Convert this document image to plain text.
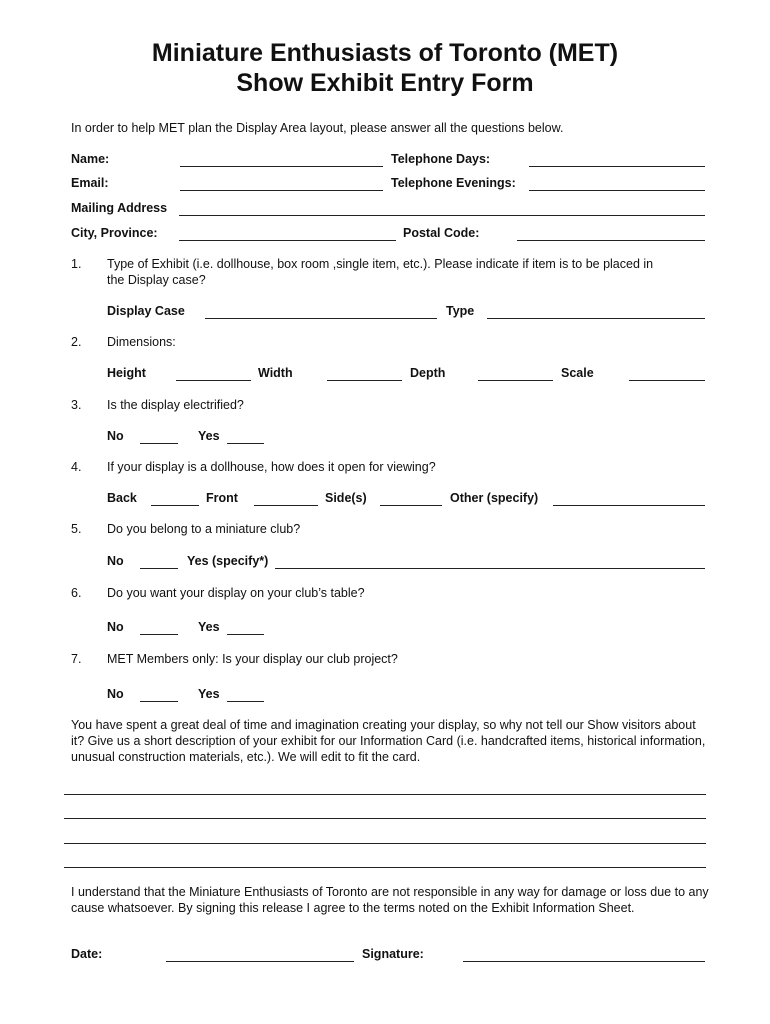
Miniature Enthusiasts of Toronto (MET)
Show Exhibit Entry Form
In order to help MET plan the Display Area layout, please answer all the questions below.
Name:	Telephone Days:
Email:	Telephone Evenings:
Mailing Address
City, Province:	Postal Code:
1. Type of Exhibit (i.e. dollhouse, box room ,single item, etc.). Please indicate if item is to be placed in the Display case?
Display Case	Type
2. Dimensions:
Height	Width	Depth	Scale
3. Is the display electrified?
No	Yes
4. If your display is a dollhouse, how does it open for viewing?
Back	Front	Side(s)	Other (specify)
5. Do you belong to a miniature club?
No	Yes (specify*)
6. Do you want your display on your club’s table?
No	Yes
7. MET Members only: Is your display our club project?
No	Yes
You have spent a great deal of time and imagination creating your display, so why not tell our Show visitors about it? Give us a short description of your exhibit for our Information Card (i.e. handcrafted items, historical information, unusual construction materials, etc.). We will edit to fit the card.
I understand that the Miniature Enthusiasts of Toronto are not responsible in any way for damage or loss due to any cause whatsoever. By signing this release I agree to the terms noted on the Exhibit Information Sheet.
Date:	Signature:
